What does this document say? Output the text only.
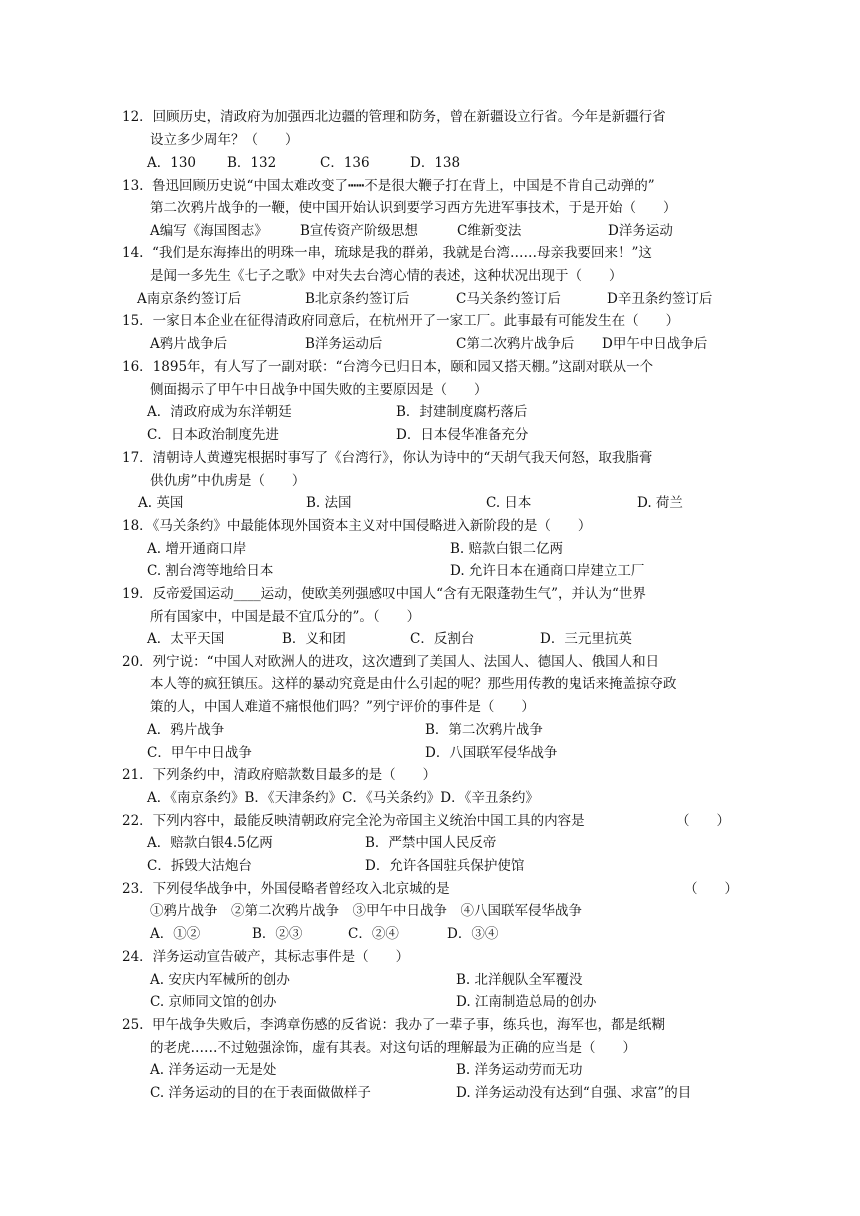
12．回顾历史，清政府为加强西北边疆的管理和防务，曾在新疆设立行省。今年是新疆行省
设立多少周年？（　　）
A．130 B．132	C．136	D．138
13.  鲁迅回顾历史说“中国太难改变了┅┅不是很大鞭子打在背上，中国是不肯自己动弹的”
第二次鸦片战争的一鞭，使中国开始认识到要学习西方先进军事技术，于是开始（　　）
A编写《海国图志》 B宣传资产阶级思想	C维新变法	D洋务运动
14.  “我们是东海捧出的明珠一串，琉球是我的群弟，我就是台湾……母亲我要回来！”这
是闻一多先生《七子之歌》中对失去台湾心情的表述，这种状况出现于（　　）
A南京条约签订后	B北京条约签订后	C马关条约签订后	D辛丑条约签订后
15．一家日本企业在征得清政府同意后，在杭州开了一家工厂。此事最有可能发生在（　　）
A鸦片战争后	B洋务运动后	C第二次鸦片战争后 D甲午中日战争后
16．1895年，有人写了一副对联：“台湾今已归日本，颐和园又搭天棚。”这副对联从一个
侧面揭示了甲午中日战争中国失败的主要原因是（　　）
A．清政府成为东洋朝廷	B．封建制度腐朽落后
C．日本政治制度先进	D．日本侵华准备充分
17．清朝诗人黄遵宪根据时事写了《台湾行》，你认为诗中的“天胡气我天何怒，取我脂膏
供仇虏”中仇虏是（　　）
A. 英国	B. 法国	C. 日本	D. 荷兰
18．《马关条约》中最能体现外国资本主义对中国侵略进入新阶段的是（　　）
A. 增开通商口岸	B. 赔款白银二亿两
C. 割台湾等地给日本	D. 允许日本在通商口岸建立工厂
19．反帝爱国运动____运动，使欧美列强感叹中国人“含有无限蓬勃生气”，并认为“世界
所有国家中，中国是最不宜瓜分的”。（　　）
A．太平天国	B．义和团	C．反割台	D．三元里抗英
20．列宁说：“中国人对欧洲人的进攻，这次遭到了美国人、法国人、德国人、俄国人和日
本人等的疯狂镇压。这样的暴动究竟是由什么引起的呢？那些用传教的鬼话来掩盖掠夺政
策的人，中国人难道不痛恨他们吗？”列宁评价的事件是（　　）
A．鸦片战争	B．第二次鸦片战争
C．甲午中日战争	D．八国联军侵华战争
21．下列条约中，清政府赔款数目最多的是（　　）
A．《南京条约》B．《天津条约》C．《马关条约》D．《辛丑条约》
22．下列内容中，最能反映清朝政府完全沦为帝国主义统治中国工具的内容是	（　　）
A．赔款白银4.5亿两	B．严禁中国人民反帝
C．拆毁大沽炮台	D．允许各国驻兵保护使馆
23．下列侵华战争中，外国侵略者曾经攻入北京城的是	（　　）
①鸦片战争　②第二次鸦片战争　③甲午中日战争　④八国联军侵华战争
A．①②	B．②③	C．②④	D．③④
24．洋务运动宣告破产，其标志事件是（　　）
A. 安庆内军械所的创办	B. 北洋舰队全军覆没
C. 京师同文馆的创办	D. 江南制造总局的创办
25.  甲午战争失败后，李鸿章伤感的反省说：我办了一辈子事，练兵也，海军也，都是纸糊
的老虎……不过勉强涂饰，虚有其表。对这句话的理解最为正确的应当是（　　）
A. 洋务运动一无是处	B. 洋务运动劳而无功
C. 洋务运动的目的在于表面做做样子	D. 洋务运动没有达到“自强、求富”的目
